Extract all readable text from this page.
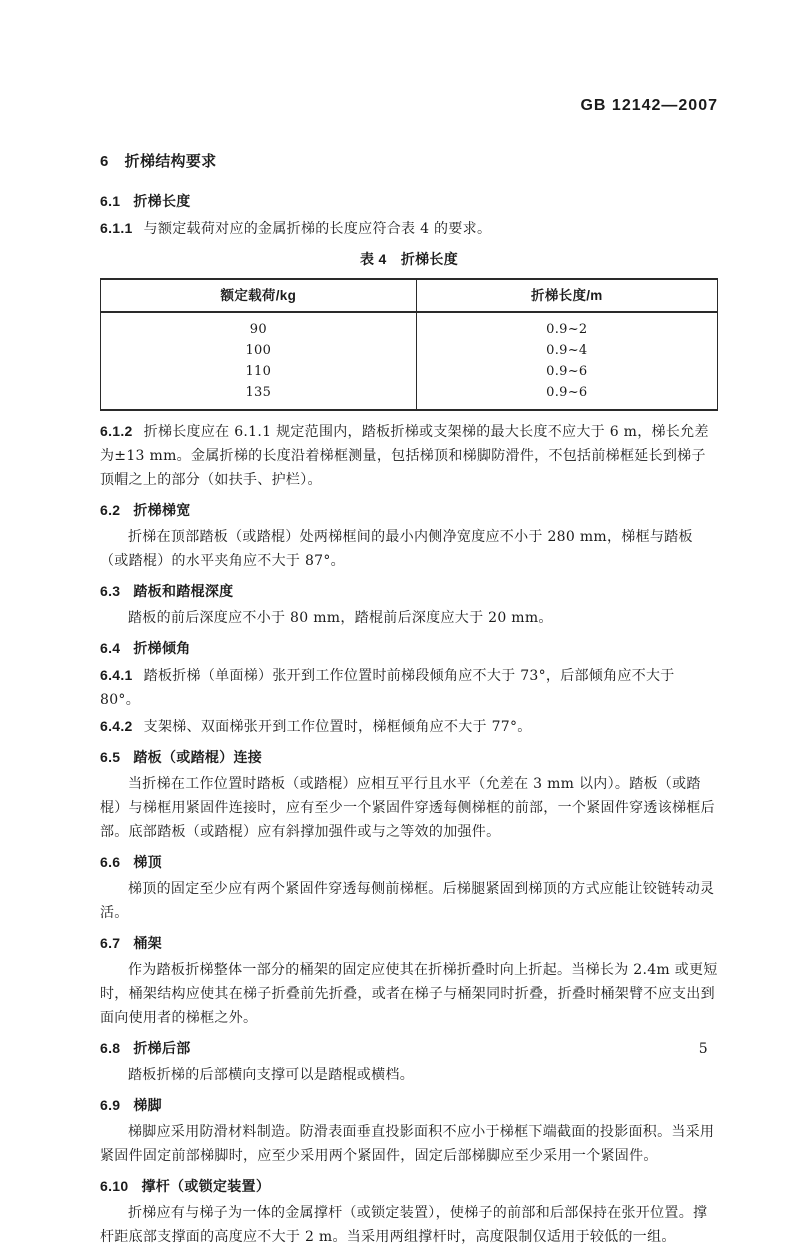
GB 12142—2007
6 折梯结构要求
6.1 折梯长度

6.1.1 与额定载荷对应的金属折梯的长度应符合表 4 的要求。

表 4　折梯长度
额定载荷/kg	折梯长度/m
90	0.9~2
100	0.9~4
110	0.9~6
135	0.9~6

6.1.2 折梯长度应在 6.1.1 规定范围内，踏板折梯或支架梯的最大长度不应大于 6 m，梯长允差为±13 mm。金属折梯的长度沿着梯框测量，包括梯顶和梯脚防滑件，不包括前梯框延长到梯子顶帽之上的部分（如扶手、护栏）。

6.2 折梯梯宽

折梯在顶部踏板（或踏棍）处两梯框间的最小内侧净宽度应不小于 280 mm，梯框与踏板（或踏棍）的水平夹角应不大于 87°。

6.3 踏板和踏棍深度

踏板的前后深度应不小于 80 mm，踏棍前后深度应大于 20 mm。

6.4 折梯倾角

6.4.1 踏板折梯（单面梯）张开到工作位置时前梯段倾角应不大于 73°，后部倾角应不大于 80°。

6.4.2 支架梯、双面梯张开到工作位置时，梯框倾角应不大于 77°。

6.5 踏板（或踏棍）连接

当折梯在工作位置时踏板（或踏棍）应相互平行且水平（允差在 3 mm 以内）。踏板（或踏棍）与梯框用紧固件连接时，应有至少一个紧固件穿透每侧梯框的前部，一个紧固件穿透该梯框后部。底部踏板（或踏棍）应有斜撑加强件或与之等效的加强件。

6.6 梯顶

梯顶的固定至少应有两个紧固件穿透每侧前梯框。后梯腿紧固到梯顶的方式应能让铰链转动灵活。

6.7 桶架

作为踏板折梯整体一部分的桶架的固定应使其在折梯折叠时向上折起。当梯长为 2.4m 或更短时，桶架结构应使其在梯子折叠前先折叠，或者在梯子与桶架同时折叠，折叠时桶架臂不应支出到面向使用者的梯框之外。

6.8 折梯后部

踏板折梯的后部横向支撑可以是踏棍或横档。

6.9 梯脚

梯脚应采用防滑材料制造。防滑表面垂直投影面积不应小于梯框下端截面的投影面积。当采用紧固件固定前部梯脚时，应至少采用两个紧固件，固定后部梯脚应至少采用一个紧固件。

6.10 撑杆（或锁定装置）

折梯应有与梯子为一体的金属撑杆（或锁定装置），使梯子的前部和后部保持在张开位置。撑杆距底部支撑面的高度应不大于 2 m。当采用两组撑杆时，高度限制仅适用于较低的一组。

5
